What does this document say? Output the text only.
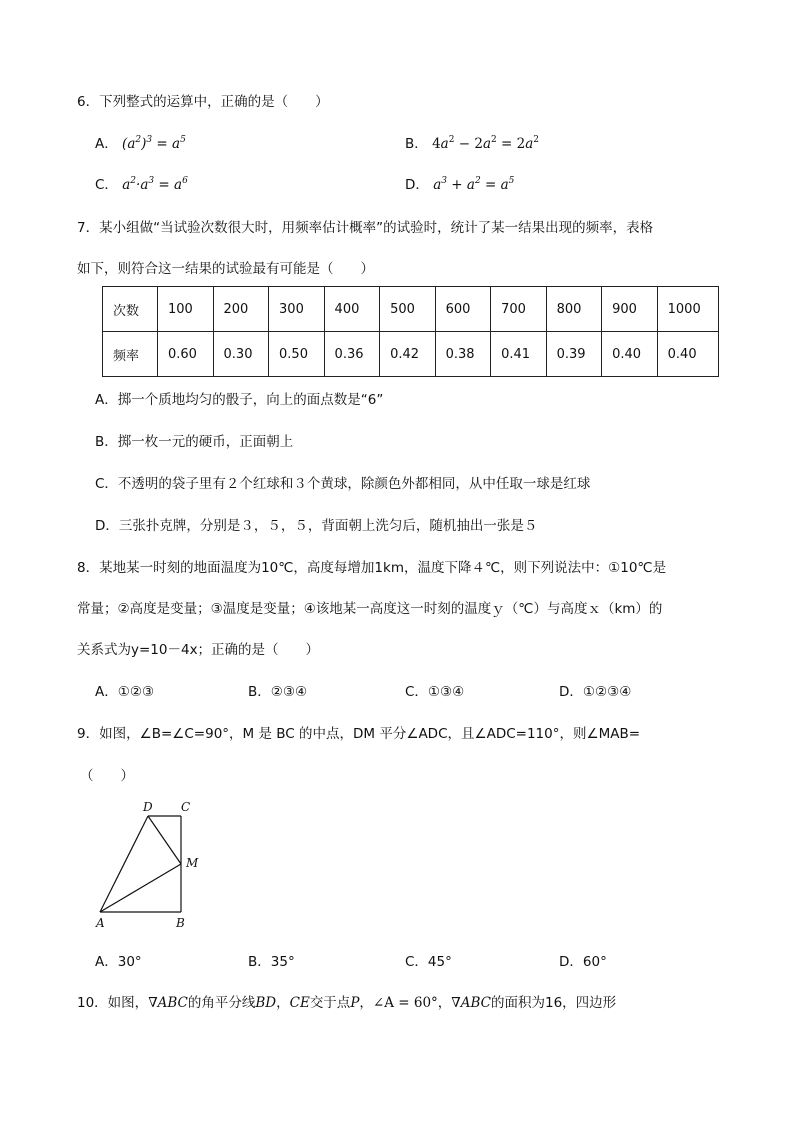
6．下列整式的运算中，正确的是（　　）
A． $(a^2)^3 = a^5$	B． $4a^2 - 2a^2 = 2a^2$
C． $a^2\cdot a^3 = a^6$	D． $a^3 + a^2 = a^5$
7．某小组做“当试验次数很大时，用频率估计概率”的试验时，统计了某一结果出现的频率，表格
如下，则符合这一结果的试验最有可能是（　　）
次数	100	200	300	400	500	600	700	800	900	1000
频率	0.60	0.30	0.50	0.36	0.42	0.38	0.41	0.39	0.40	0.40
A．掷一个质地均匀的骰子，向上的面点数是“6”
B．掷一枚一元的硬币，正面朝上
C．不透明的袋子里有２个红球和３个黄球，除颜色外都相同，从中任取一球是红球
D．三张扑克牌，分别是３，５，５，背面朝上洗匀后，随机抽出一张是５
8．某地某一时刻的地面温度为10℃，高度每增加1km，温度下降４℃，则下列说法中：①10℃是
常量；②高度是变量；③温度是变量；④该地某一高度这一时刻的温度ｙ（℃）与高度ｘ（km）的
关系式为y=10－4x；正确的是（　　）
A．①②③	B．②③④	C．①③④	D．①②③④
9．如图，∠B=∠C=90°，M 是 BC 的中点，DM 平分∠ADC，且∠ADC=110°，则∠MAB=
（　　）
D C
M
A	B
A．30°	B．35°	C．45°	D．60°
10．如图，∇ABC的角平分线BD，CE交于点P，∠A = 60°，∇ABC的面积为16，四边形
